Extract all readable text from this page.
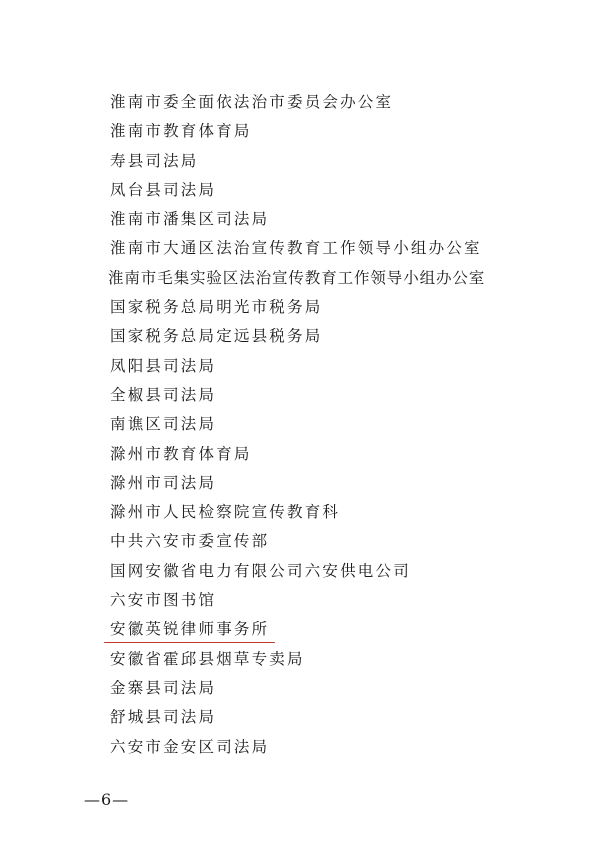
淮南市委全面依法治市委员会办公室
淮南市教育体育局
寿县司法局
凤台县司法局
淮南市潘集区司法局
淮南市大通区法治宣传教育工作领导小组办公室
淮南市毛集实验区法治宣传教育工作领导小组办公室
国家税务总局明光市税务局
国家税务总局定远县税务局
凤阳县司法局
全椒县司法局
南谯区司法局
滁州市教育体育局
滁州市司法局
滁州市人民检察院宣传教育科
中共六安市委宣传部
国网安徽省电力有限公司六安供电公司
六安市图书馆
安徽英锐律师事务所
安徽省霍邱县烟草专卖局
金寨县司法局
舒城县司法局
六安市金安区司法局
—6—
